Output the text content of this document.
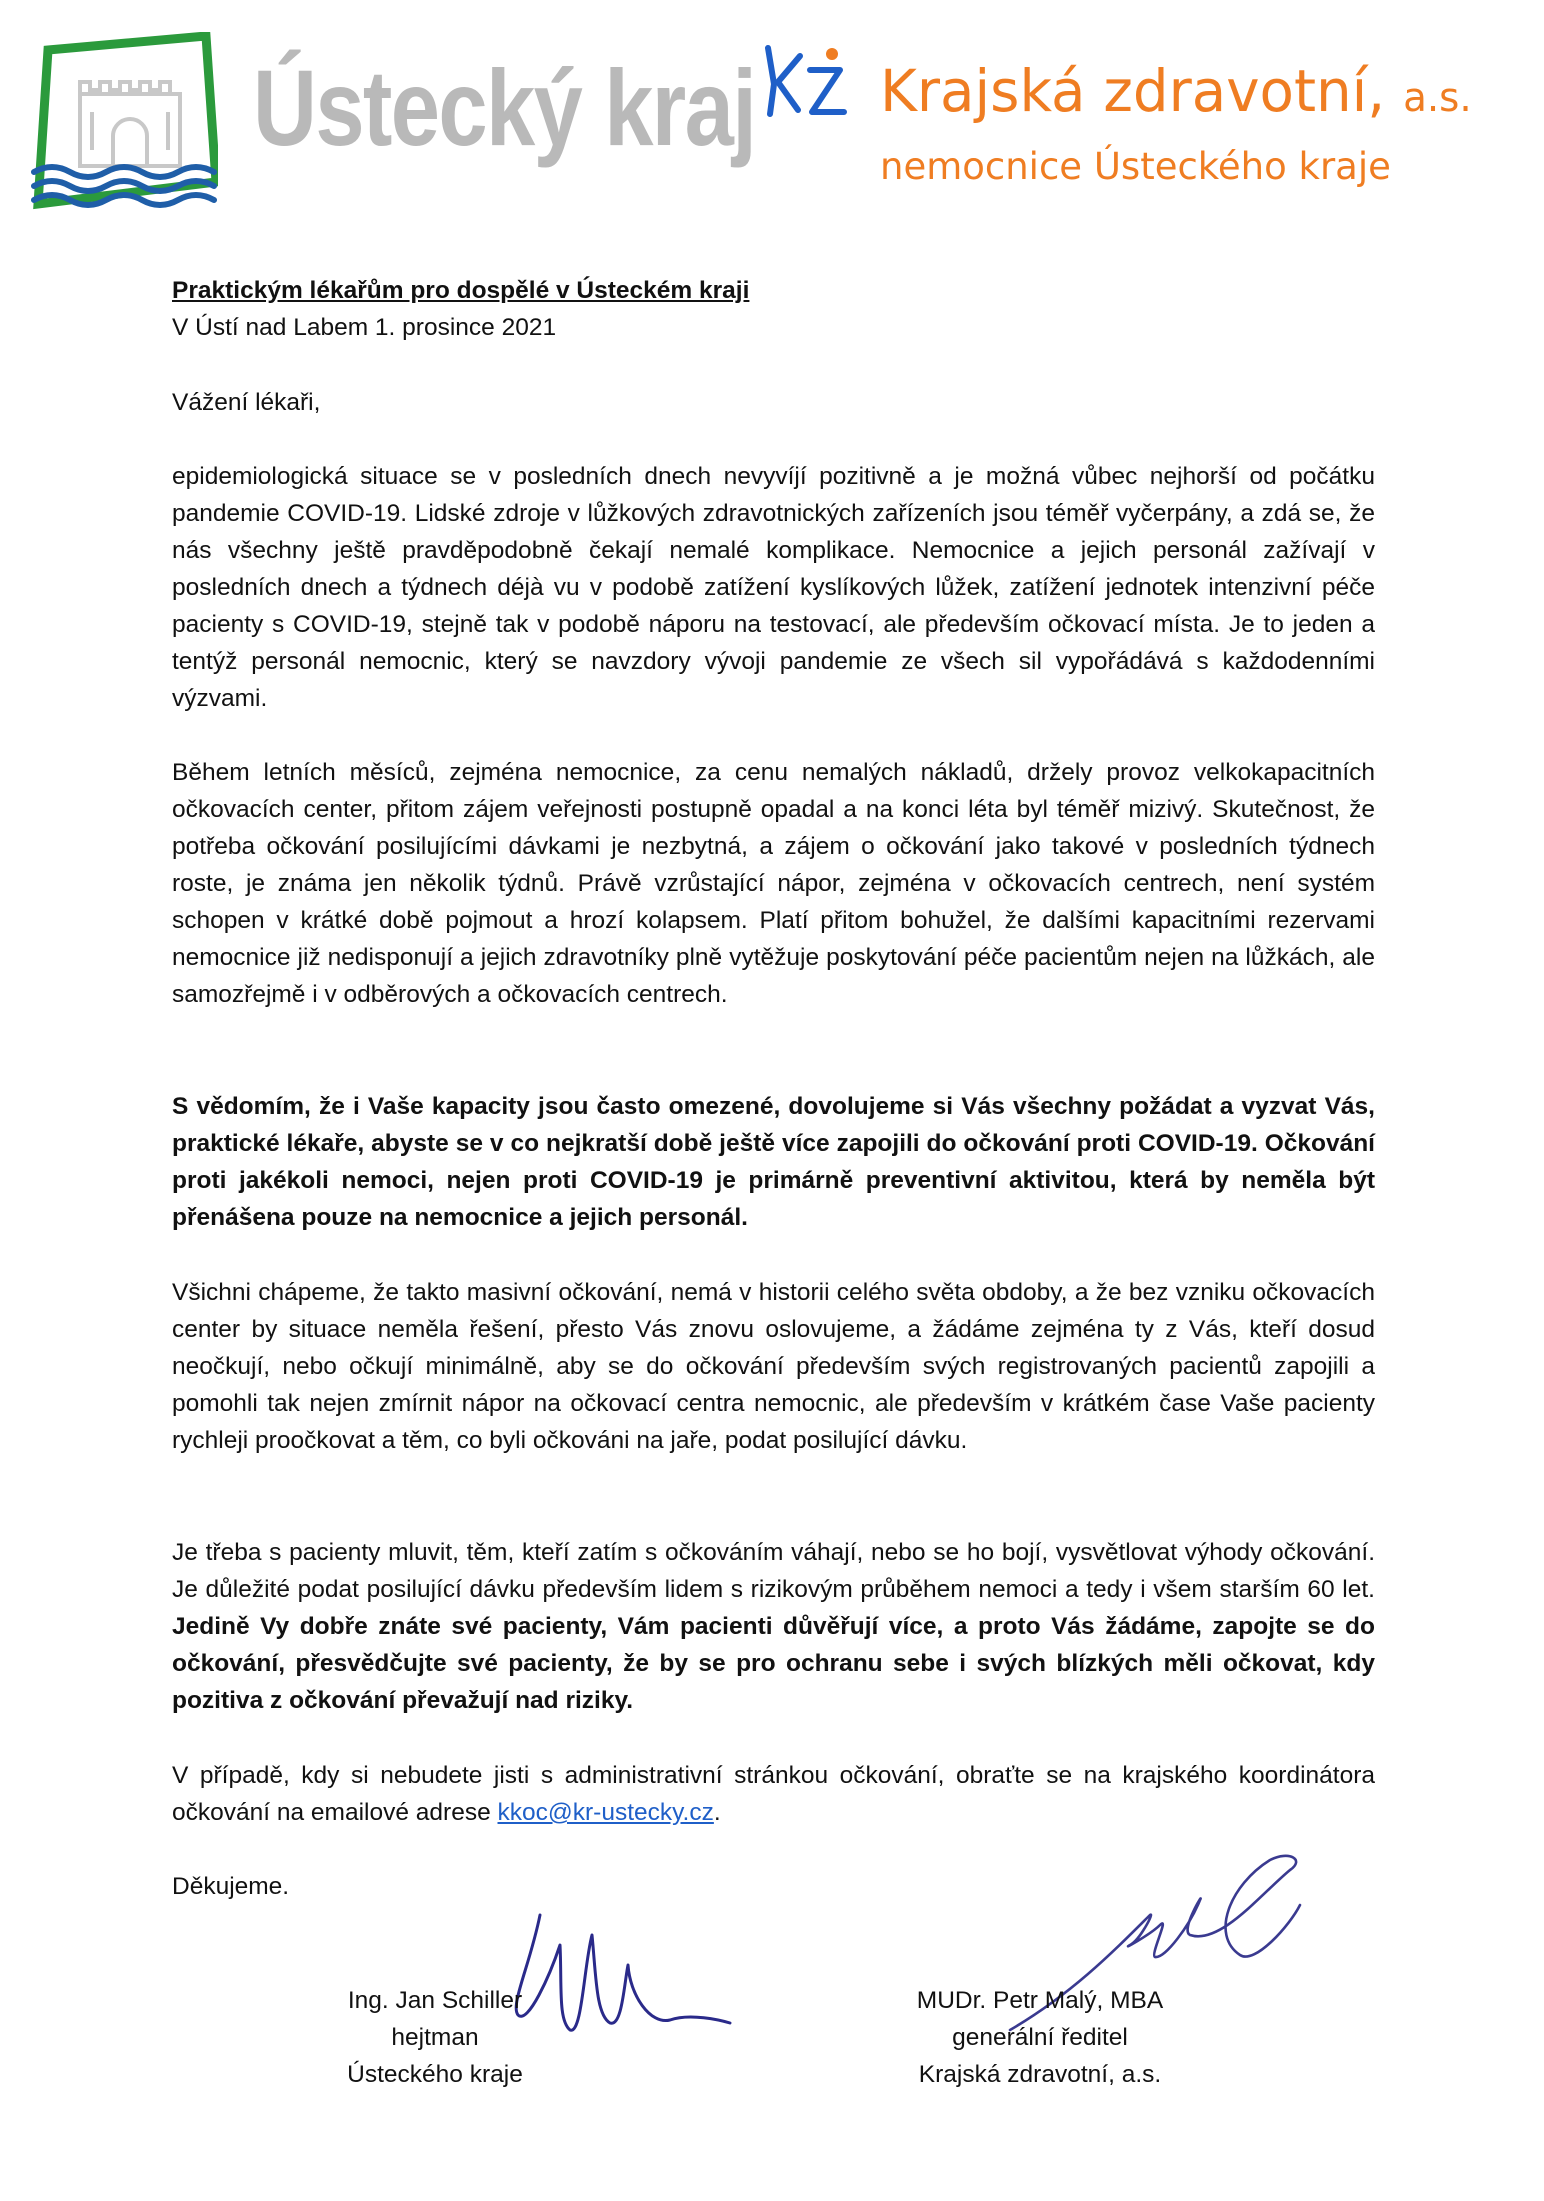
Ústecký kraj Krajská zdravotní, a.s.
nemocnice Ústeckého kraje
Praktickým lékařům pro dospělé v Ústeckém kraji
V Ústí nad Labem 1. prosince 2021
Vážení lékaři,

epidemiologická situace se v posledních dnech nevyvíjí pozitivně a je možná vůbec nejhorší od počátku pandemie COVID-19. Lidské zdroje v lůžkových zdravotnických zařízeních jsou téměř vyčerpány, a zdá se, že nás všechny ještě pravděpodobně čekají nemalé komplikace. Nemocnice a jejich personál zažívají v posledních dnech a týdnech déjà vu v podobě zatížení kyslíkových lůžek, zatížení jednotek intenzivní péče pacienty s COVID-19, stejně tak v podobě náporu na testovací, ale především očkovací místa. Je to jeden a tentýž personál nemocnic, který se navzdory vývoji pandemie ze všech sil vypořádává s každodenními výzvami.

Během letních měsíců, zejména nemocnice, za cenu nemalých nákladů, držely provoz velkokapacitních očkovacích center, přitom zájem veřejnosti postupně opadal a na konci léta byl téměř mizivý. Skutečnost, že potřeba očkování posilujícími dávkami je nezbytná, a zájem o očkování jako takové v posledních týdnech roste, je známa jen několik týdnů. Právě vzrůstající nápor, zejména v očkovacích centrech, není systém schopen v krátké době pojmout a hrozí kolapsem. Platí přitom bohužel, že dalšími kapacitními rezervami nemocnice již nedisponují a jejich zdravotníky plně vytěžuje poskytování péče pacientům nejen na lůžkách, ale samozřejmě i v odběrových a očkovacích centrech.

S vědomím, že i Vaše kapacity jsou často omezené, dovolujeme si Vás všechny požádat a vyzvat Vás, praktické lékaře, abyste se v co nejkratší době ještě více zapojili do očkování proti COVID-19. Očkování proti jakékoli nemoci, nejen proti COVID-19 je primárně preventivní aktivitou, která by neměla být přenášena pouze na nemocnice a jejich personál.

Všichni chápeme, že takto masivní očkování, nemá v historii celého světa obdoby, a že bez vzniku očkovacích center by situace neměla řešení, přesto Vás znovu oslovujeme, a žádáme zejména ty z Vás, kteří dosud neočkují, nebo očkují minimálně, aby se do očkování především svých registrovaných pacientů zapojili a pomohli tak nejen zmírnit nápor na očkovací centra nemocnic, ale především v krátkém čase Vaše pacienty rychleji proočkovat a těm, co byli očkováni na jaře, podat posilující dávku.

Je třeba s pacienty mluvit, těm, kteří zatím s očkováním váhají, nebo se ho bojí, vysvětlovat výhody očkování. Je důležité podat posilující dávku především lidem s rizikovým průběhem nemoci a tedy i všem starším 60 let. Jedině Vy dobře znáte své pacienty, Vám pacienti důvěřují více, a proto Vás žádáme, zapojte se do očkování, přesvědčujte své pacienty, že by se pro ochranu sebe i svých blízkých měli očkovat, kdy pozitiva z očkování převažují nad riziky.

V případě, kdy si nebudete jisti s administrativní stránkou očkování, obraťte se na krajského koordinátora očkování na emailové adrese kkoc@kr-ustecky.cz.

Děkujeme.
Ing. Jan Schiller
hejtman
Ústeckého kraje
MUDr. Petr Malý, MBA
generální ředitel
Krajská zdravotní, a.s.
